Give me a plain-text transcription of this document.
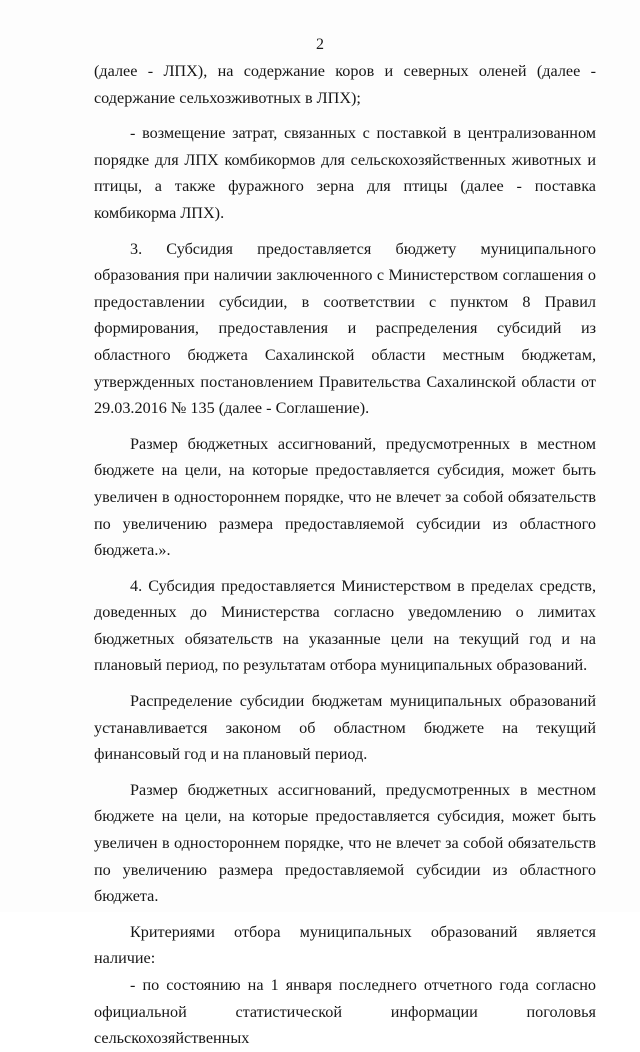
2

(далее - ЛПХ), на содержание коров и северных оленей (далее - содержание сельхозживотных в ЛПХ);

- возмещение затрат, связанных с поставкой в централизованном порядке для ЛПХ комбикормов для сельскохозяйственных животных и птицы, а также фуражного зерна для птицы (далее - поставка комбикорма ЛПХ).

3. Субсидия предоставляется бюджету муниципального образования при наличии заключенного с Министерством соглашения о предоставлении субсидии, в соответствии с пунктом 8 Правил формирования, предоставления и распределения субсидий из областного бюджета Сахалинской области местным бюджетам, утвержденных постановлением Правительства Сахалинской области от 29.03.2016 № 135 (далее - Соглашение).

Размер бюджетных ассигнований, предусмотренных в местном бюджете на цели, на которые предоставляется субсидия, может быть увеличен в одностороннем порядке, что не влечет за собой обязательств по увеличению размера предоставляемой субсидии из областного бюджета.».

4. Субсидия предоставляется Министерством в пределах средств, доведенных до Министерства согласно уведомлению о лимитах бюджетных обязательств на указанные цели на текущий год и на плановый период, по результатам отбора муниципальных образований.

Распределение субсидии бюджетам муниципальных образований устанавливается законом об областном бюджете на текущий финансовый год и на плановый период.

Размер бюджетных ассигнований, предусмотренных в местном бюджете на цели, на которые предоставляется субсидия, может быть увеличен в одностороннем порядке, что не влечет за собой обязательств по увеличению размера предоставляемой субсидии из областного бюджета.

Критериями отбора муниципальных образований является наличие:

- по состоянию на 1 января последнего отчетного года согласно официальной статистической информации поголовья сельскохозяйственных
